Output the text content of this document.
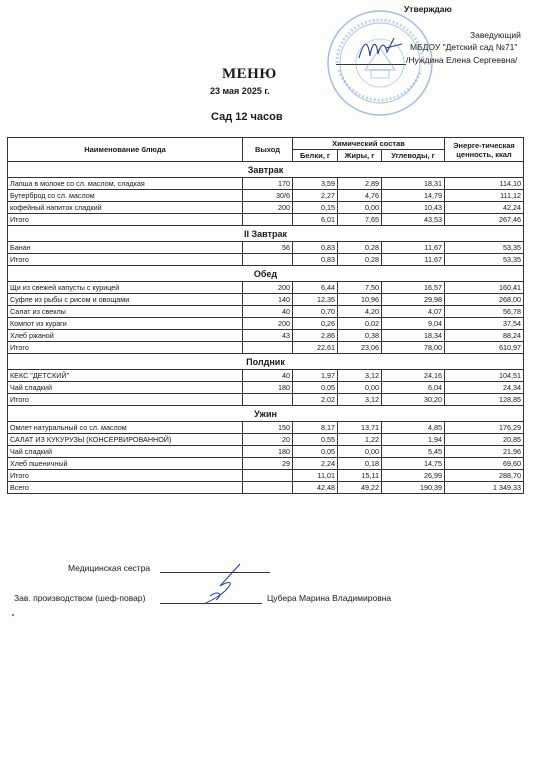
Утверждаю
Заведующий
МБДОУ "Детский сад №71"
/Нуждина Елена Сергеевна/
МЕНЮ
23 мая 2025 г.
Сад 12 часов
Наименование блюда	Выход	Химический состав			Энерге-тическая ценность, ккал
		Белки, г	Жиры, г	Углеводы, г	
Завтрак					
Лапша в молоке со сл. маслом, сладкая	170	3,59	2,89	18,31	114,10
Бутерброд со сл. маслом	30/6	2,27	4,76	14,79	111,12
кофейный напиток сладкий	200	0,15	0,00	10,43	42,24
Итого		6,01	7,65	43,53	267,46
II Завтрак					
Банан	56	0,83	0,28	11,67	53,35
Итого		0,83	0,28	11,67	53,35
Обед					
Щи из свежей капусты с курицей	200	6,44	7,50	16,57	160,41
Суфле из рыбы с рисом и овощами	140	12,35	10,96	29,98	268,00
Салат из свеклы	40	0,70	4,20	4,07	56,78
Компот из кураги	200	0,26	0,02	9,04	37,54
Хлеб ржаной	43	2,86	0,38	18,34	88,24
Итого		22,61	23,06	78,00	610,97
Полдник					
КЕКС "ДЕТСКИЙ"	40	1,97	3,12	24,16	104,51
Чай сладкий	180	0,05	0,00	6,04	24,34
Итого		2,02	3,12	30,20	128,85
Ужин					
Омлет натуральный со сл. маслом	150	8,17	13,71	4,85	176,29
САЛАТ ИЗ КУКУРУЗЫ (КОНСЕРВИРОВАННОЙ)	20	0,55	1,22	1,94	20,85
Чай сладкий	180	0,05	0,00	5,45	21,96
Хлеб пшеничный	29	2,24	0,18	14,75	69,60
Итого		11,01	15,11	26,99	288,70
Всего		42,48	49,22	190,39	1 349,33
Медицинская сестра
Зав. производством (шеф-повар)	Цубера Марина Владимировна
